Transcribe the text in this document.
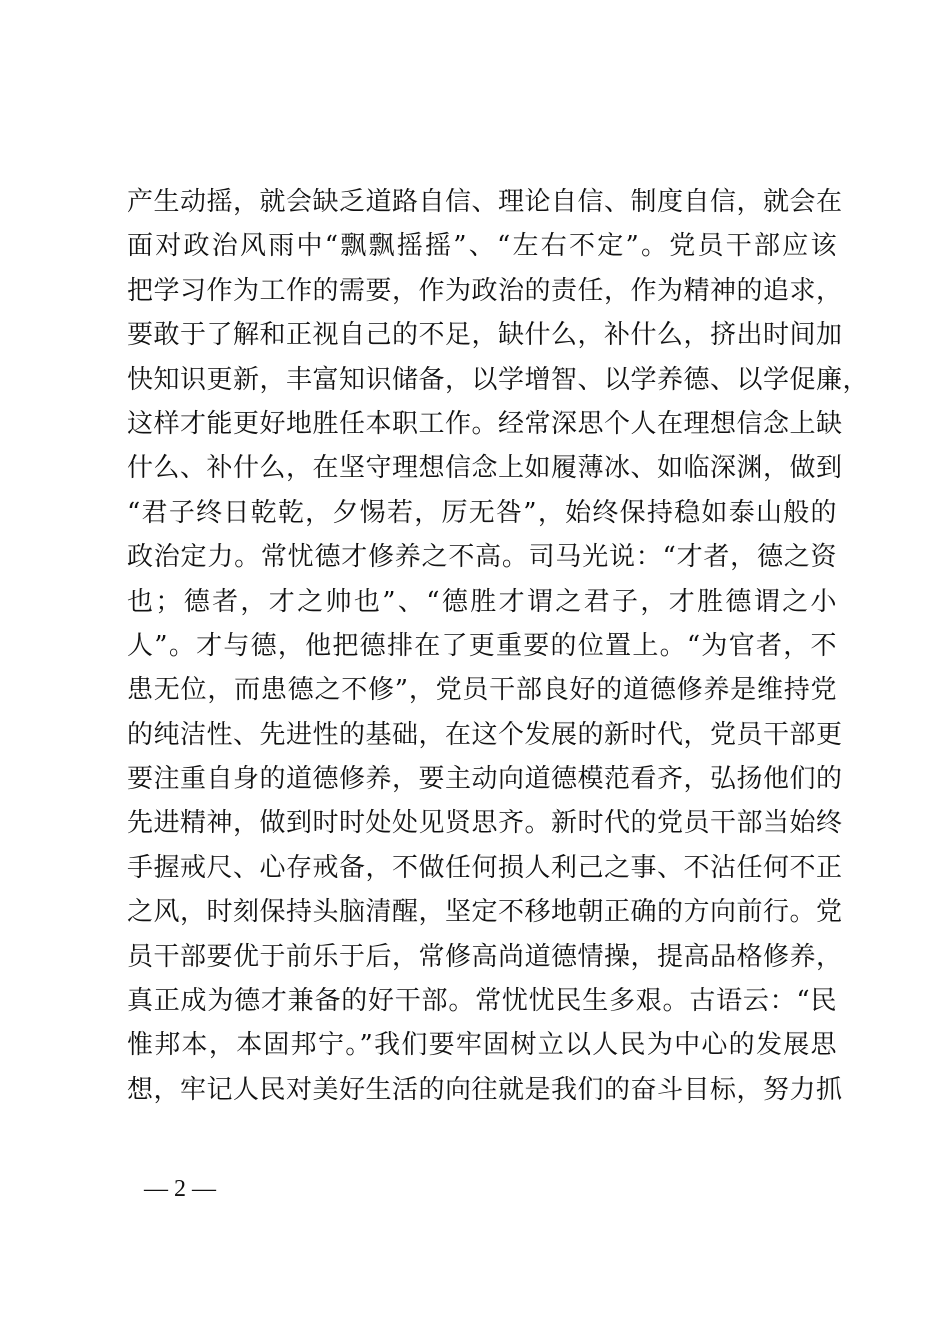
产生动摇，就会缺乏道路自信、理论自信、制度自信，就会在
面对政治风雨中“飘飘摇摇”、“左右不定”。党员干部应该
把学习作为工作的需要，作为政治的责任，作为精神的追求，
要敢于了解和正视自己的不足，缺什么，补什么，挤出时间加
快知识更新，丰富知识储备，以学增智、以学养德、以学促廉，
这样才能更好地胜任本职工作。经常深思个人在理想信念上缺
什么、补什么，在坚守理想信念上如履薄冰、如临深渊，做到
“君子终日乾乾，夕惕若，厉无咎”，始终保持稳如泰山般的
政治定力。常忧德才修养之不高。司马光说：“才者，德之资
也；德者，才之帅也”、“德胜才谓之君子，才胜德谓之小
人”。才与德，他把德排在了更重要的位置上。“为官者，不
患无位，而患德之不修”，党员干部良好的道德修养是维持党
的纯洁性、先进性的基础，在这个发展的新时代，党员干部更
要注重自身的道德修养，要主动向道德模范看齐，弘扬他们的
先进精神，做到时时处处见贤思齐。新时代的党员干部当始终
手握戒尺、心存戒备，不做任何损人利己之事、不沾任何不正
之风，时刻保持头脑清醒，坚定不移地朝正确的方向前行。党
员干部要优于前乐于后，常修高尚道德情操，提高品格修养，
真正成为德才兼备的好干部。常忧忧民生多艰。古语云：“民
惟邦本，本固邦宁。”我们要牢固树立以人民为中心的发展思
想，牢记人民对美好生活的向往就是我们的奋斗目标，努力抓
— 2 —
